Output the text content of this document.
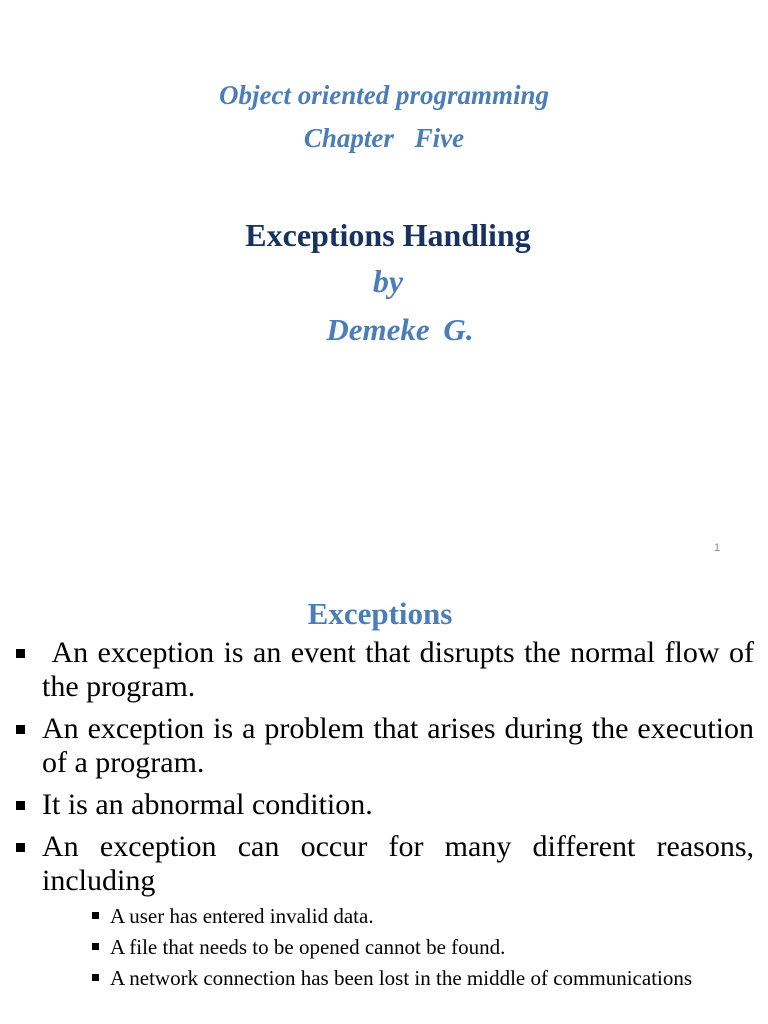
Object oriented programming
Chapter Five
Exceptions Handling
by
Demeke G.
1
Exceptions
An exception is an event that disrupts the normal flow of the program.
An exception is a problem that arises during the execution of a program.
It is an abnormal condition.
An exception can occur for many different reasons, including
A user has entered invalid data.
A file that needs to be opened cannot be found.
A network connection has been lost in the middle of communications
